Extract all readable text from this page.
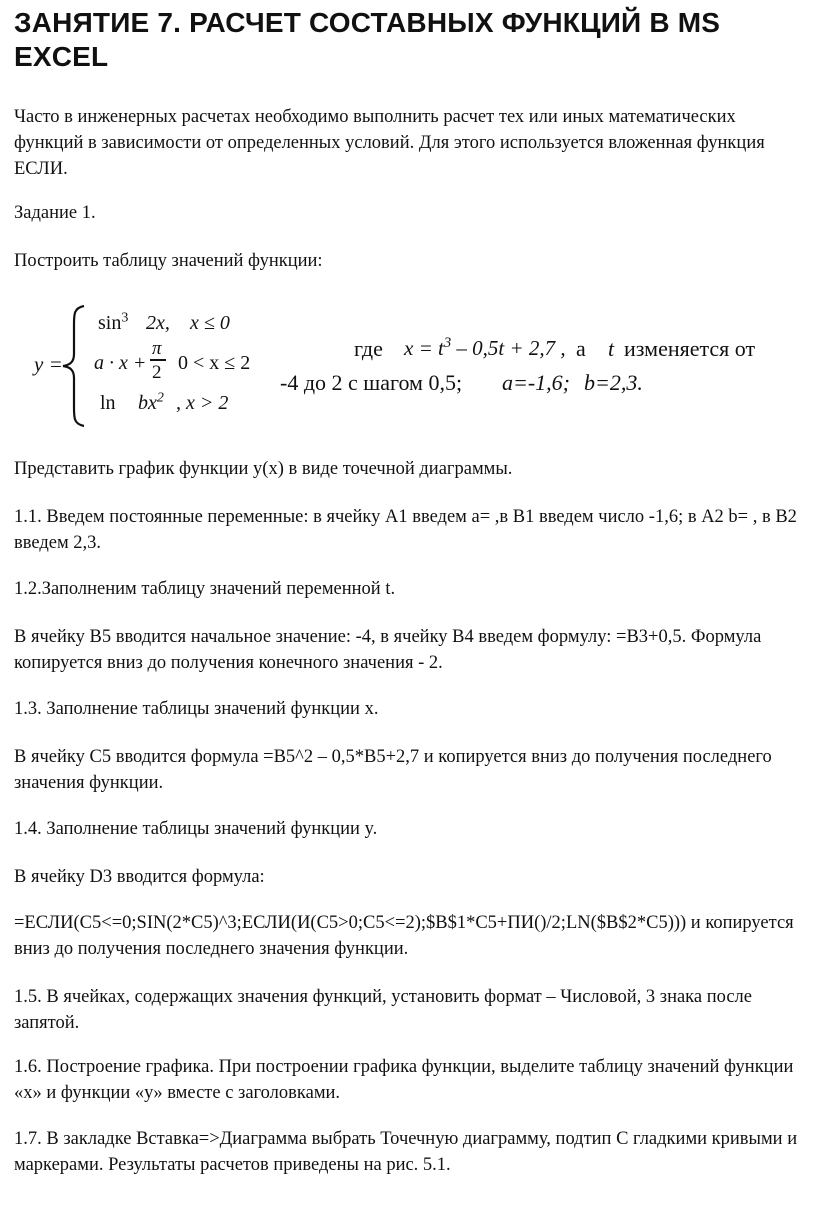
ЗАНЯТИЕ 7. РАСЧЕТ СОСТАВНЫХ ФУНКЦИЙ В MS EXCEL

Часто в инженерных расчетах необходимо выполнить расчет тех или иных математических функций в зависимости от определенных условий. Для этого используется вложенная функция ЕСЛИ.

Задание 1.

Построить таблицу значений функции:

y =
$\sin^3 2x$, x ≤ 0
a · x +
π
2 0 < x ≤ 2
$\ln bx^2$ , x > 2
где $x = t^3 - 0,5t + 2,7$ , а t изменяется от
-4 до 2 с шагом 0,5; a=-1,6; b=2,3.

Представить график функции y(x) в виде точечной диаграммы.

1.1. Введем постоянные переменные: в ячейку A1 введем a= ,в B1 введем число -1,6; в A2 b= , в B2 введем 2,3.

1.2.Заполненим таблицу значений переменной t.

В ячейку B5 вводится начальное значение: -4, в ячейку B4 введем формулу: =B3+0,5. Формула копируется вниз до получения конечного значения - 2.

1.3. Заполнение таблицы значений функции x.

В ячейку C5 вводится формула =B5^2 – 0,5*B5+2,7 и копируется вниз до получения последнего значения функции.

1.4. Заполнение таблицы значений функции y.

В ячейку D3 вводится формула:

=ЕСЛИ(C5<=0;SIN(2*C5)^3;ЕСЛИ(И(C5>0;C5<=2);$B$1*C5+ПИ()/2;LN($B$2*C5))) и копируется вниз до получения последнего значения функции.

1.5. В ячейках, содержащих значения функций, установить формат – Числовой, 3 знака после запятой.

1.6. Построение графика. При построении графика функции, выделите таблицу значений функции «x» и функции «y» вместе с заголовками.

1.7. В закладке Вставка=>Диаграмма выбрать Точечную диаграмму, подтип С гладкими кривыми и маркерами. Результаты расчетов приведены на рис. 5.1.
